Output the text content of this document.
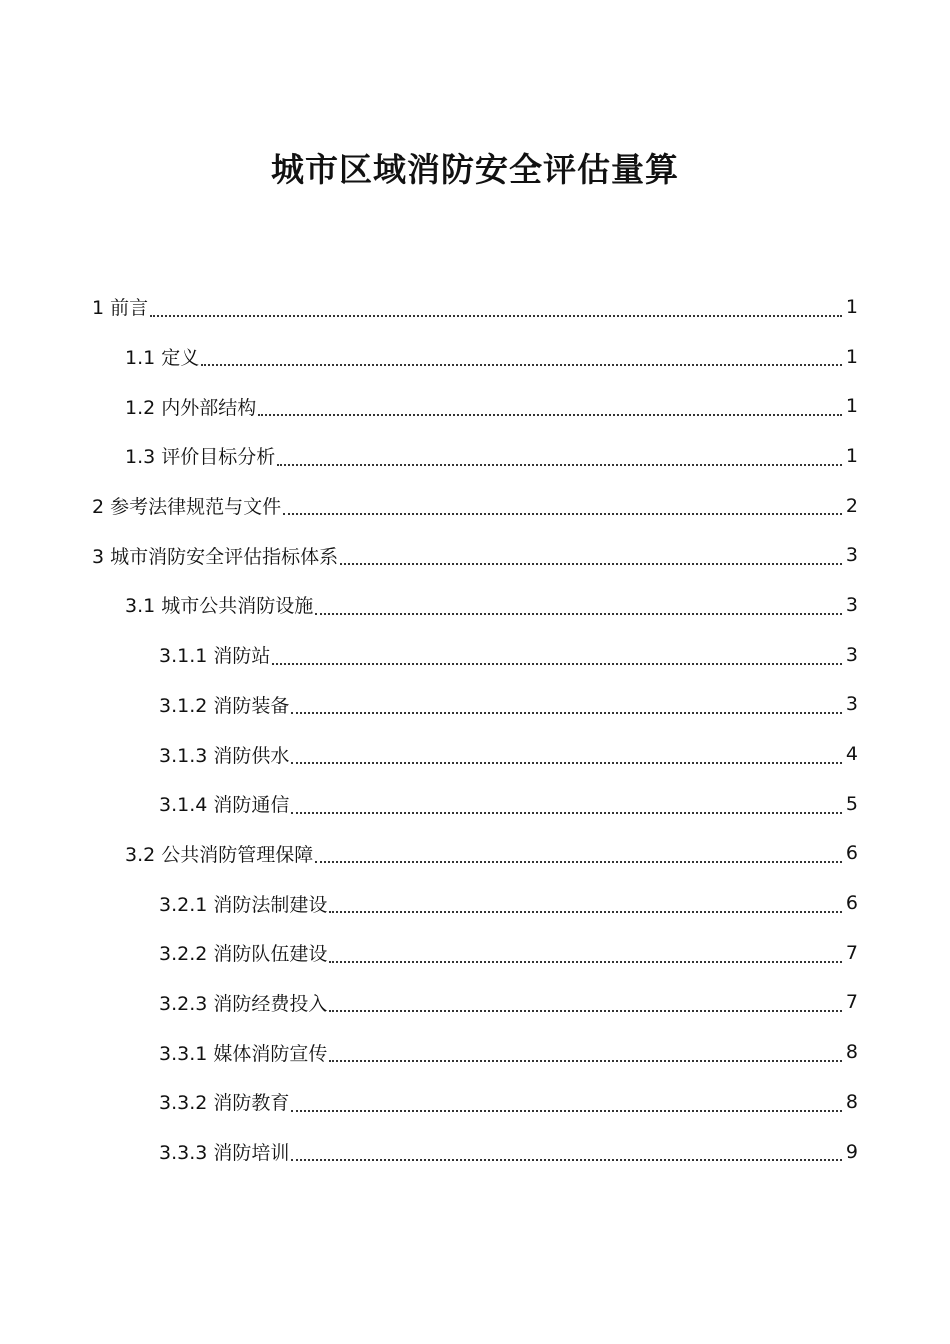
城市区域消防安全评估量算
1 前言	1
1.1 定义	1
1.2 内外部结构	1
1.3 评价目标分析	1
2 参考法律规范与文件	2
3 城市消防安全评估指标体系	3
3.1 城市公共消防设施	3
3.1.1 消防站	3
3.1.2 消防装备	3
3.1.3 消防供水	4
3.1.4 消防通信	5
3.2 公共消防管理保障	6
3.2.1 消防法制建设	6
3.2.2 消防队伍建设	7
3.2.3 消防经费投入	7
3.3.1 媒体消防宣传	8
3.3.2 消防教育	8
3.3.3 消防培训	9
